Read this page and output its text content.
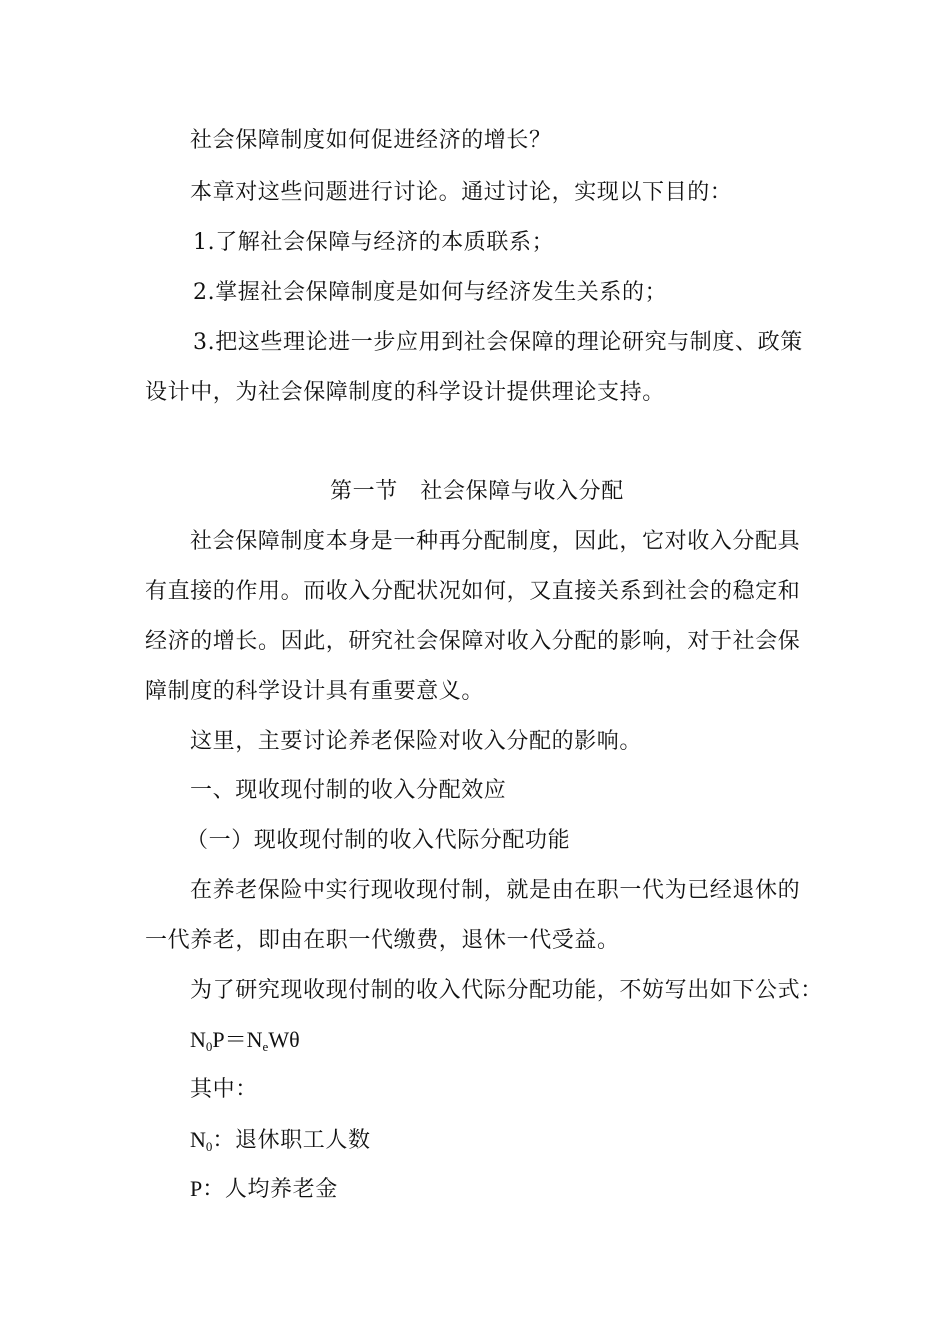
社会保障制度如何促进经济的增长？
本章对这些问题进行讨论。通过讨论，实现以下目的：
1.了解社会保障与经济的本质联系；
2.掌握社会保障制度是如何与经济发生关系的；
3.把这些理论进一步应用到社会保障的理论研究与制度、政策
设计中，为社会保障制度的科学设计提供理论支持。
第一节　社会保障与收入分配
社会保障制度本身是一种再分配制度，因此，它对收入分配具
有直接的作用。而收入分配状况如何，又直接关系到社会的稳定和
经济的增长。因此，研究社会保障对收入分配的影响，对于社会保
障制度的科学设计具有重要意义。
这里，主要讨论养老保险对收入分配的影响。
一、现收现付制的收入分配效应
（一）现收现付制的收入代际分配功能
在养老保险中实行现收现付制，就是由在职一代为已经退休的
一代养老，即由在职一代缴费，退休一代受益。
为了研究现收现付制的收入代际分配功能，不妨写出如下公式：
$N_0P=N_eW\theta$
其中：
$N_0$：退休职工人数
P：人均养老金
